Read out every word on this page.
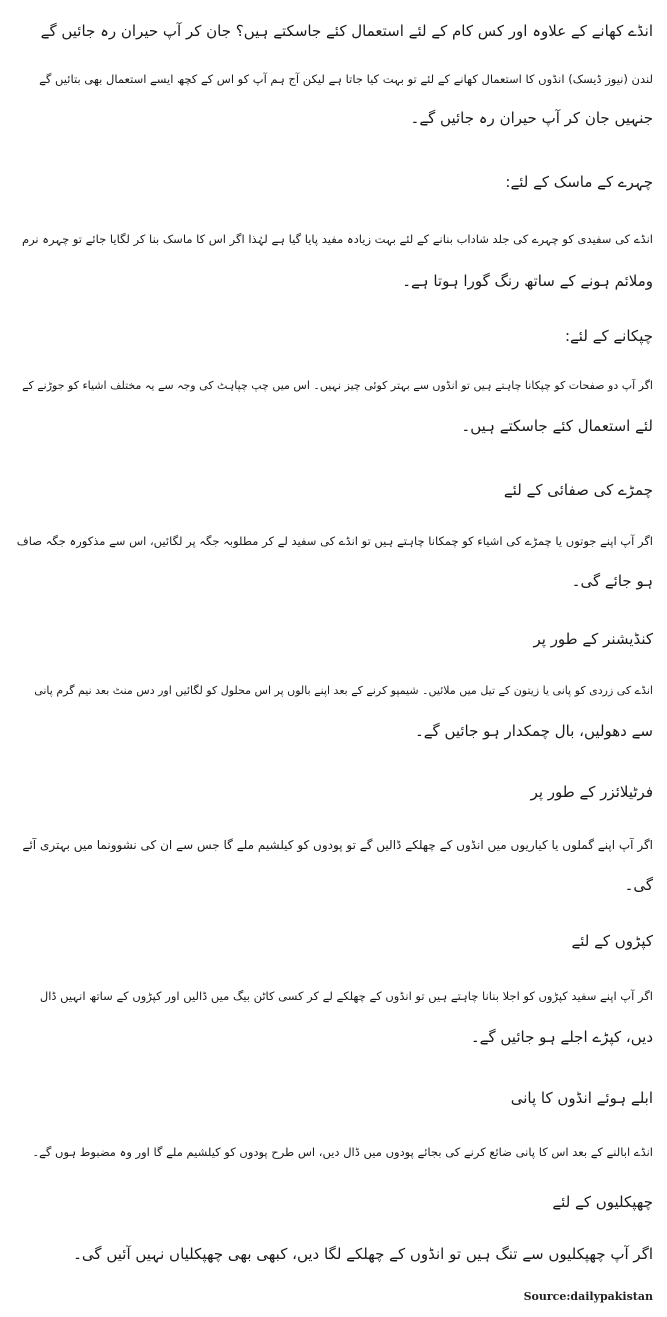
انڈے کھانے کے علاوہ اور کس کام کے لئے استعمال کئے جاسکتے ہیں؟ جان کر آپ حیران رہ جائیں گے

لندن (نیوز ڈیسک) انڈوں کا استعمال کھانے کے لئے تو بہت کیا جاتا ہے لیکن آج ہم آپ کو اس کے کچھ ایسے استعمال بھی بتائیں گے

جنہیں جان کر آپ حیران رہ جائیں گے۔

چہرے کے ماسک کے لئے:

انڈے کی سفیدی کو چہرے کی جلد شاداب بنانے کے لئے بہت زیادہ مفید پایا گیا ہے لہٰذا اگر اس کا ماسک بنا کر لگایا جائے تو چہرہ نرم

وملائم ہونے کے ساتھ رنگ گورا ہوتا ہے۔

چپکانے کے لئے:

اگر آپ دو صفحات کو چپکانا چاہتے ہیں تو انڈوں سے بہتر کوئی چیز نہیں۔ اس میں چپ چپاہٹ کی وجہ سے یہ مختلف اشیاء کو جوڑنے کے

لئے استعمال کئے جاسکتے ہیں۔

چمڑے کی صفائی کے لئے

اگر آپ اپنے جوتوں یا چمڑے کی اشیاء کو چمکانا چاہتے ہیں تو انڈے کی سفید لے کر مطلوبہ جگہ پر لگائیں، اس سے مذکورہ جگہ صاف

ہو جائے گی۔

کنڈیشنر کے طور پر

انڈے کی زردی کو پانی یا زیتون کے تیل میں ملائیں۔ شیمپو کرنے کے بعد اپنے بالوں پر اس محلول کو لگائیں اور دس منٹ بعد نیم گرم پانی

سے دھولیں، بال چمکدار ہو جائیں گے۔

فرٹیلائزر کے طور پر

اگر آپ اپنے گملوں یا کیاریوں میں انڈوں کے چھلکے ڈالیں گے تو پودوں کو کیلشیم ملے گا جس سے ان کی نشوونما میں بہتری آئے

گی۔

کپڑوں کے لئے

اگر آپ اپنے سفید کپڑوں کو اجلا بنانا چاہتے ہیں تو انڈوں کے چھلکے لے کر کسی کاٹن بیگ میں ڈالیں اور کپڑوں کے ساتھ انہیں ڈال

دیں، کپڑے اجلے ہو جائیں گے۔

ابلے ہوئے انڈوں کا پانی

انڈے ابالنے کے بعد اس کا پانی ضائع کرنے کی بجائے پودوں میں ڈال دیں، اس طرح پودوں کو کیلشیم ملے گا اور وہ مضبوط ہوں گے۔

چھپکلیوں کے لئے

اگر آپ چھپکلیوں سے تنگ ہیں تو انڈوں کے چھلکے لگا دیں، کبھی بھی چھپکلیاں نہیں آئیں گی۔

Source:dailypakistan
